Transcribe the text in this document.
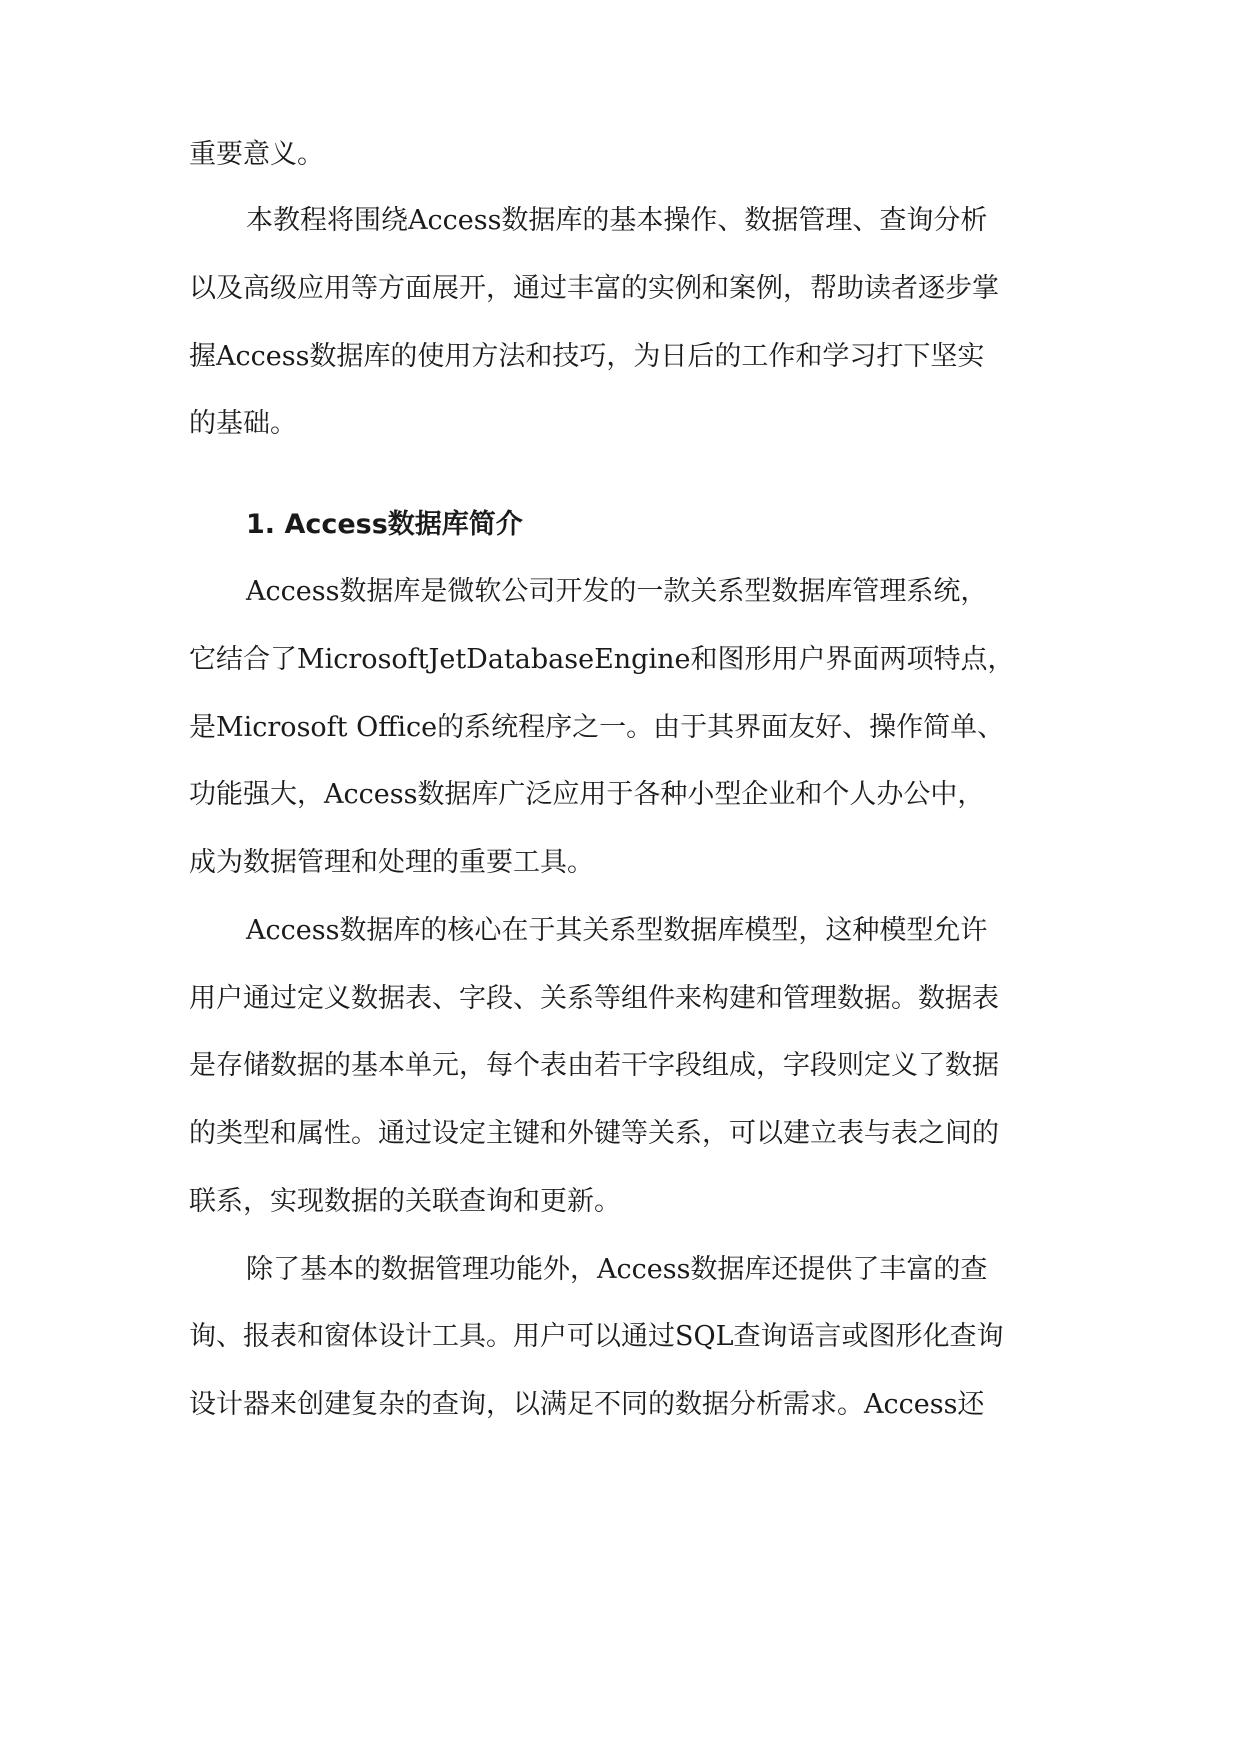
重要意义。
本教程将围绕Access数据库的基本操作、数据管理、查询分析
以及高级应用等方面展开，通过丰富的实例和案例，帮助读者逐步掌
握Access数据库的使用方法和技巧，为日后的工作和学习打下坚实
的基础。
1. Access数据库简介
Access数据库是微软公司开发的一款关系型数据库管理系统，
它结合了MicrosoftJetDatabaseEngine和图形用户界面两项特点，
是Microsoft Office的系统程序之一。由于其界面友好、操作简单、
功能强大，Access数据库广泛应用于各种小型企业和个人办公中，
成为数据管理和处理的重要工具。
Access数据库的核心在于其关系型数据库模型，这种模型允许
用户通过定义数据表、字段、关系等组件来构建和管理数据。数据表
是存储数据的基本单元，每个表由若干字段组成，字段则定义了数据
的类型和属性。通过设定主键和外键等关系，可以建立表与表之间的
联系，实现数据的关联查询和更新。
除了基本的数据管理功能外，Access数据库还提供了丰富的查
询、报表和窗体设计工具。用户可以通过SQL查询语言或图形化查询
设计器来创建复杂的查询，以满足不同的数据分析需求。Access还
